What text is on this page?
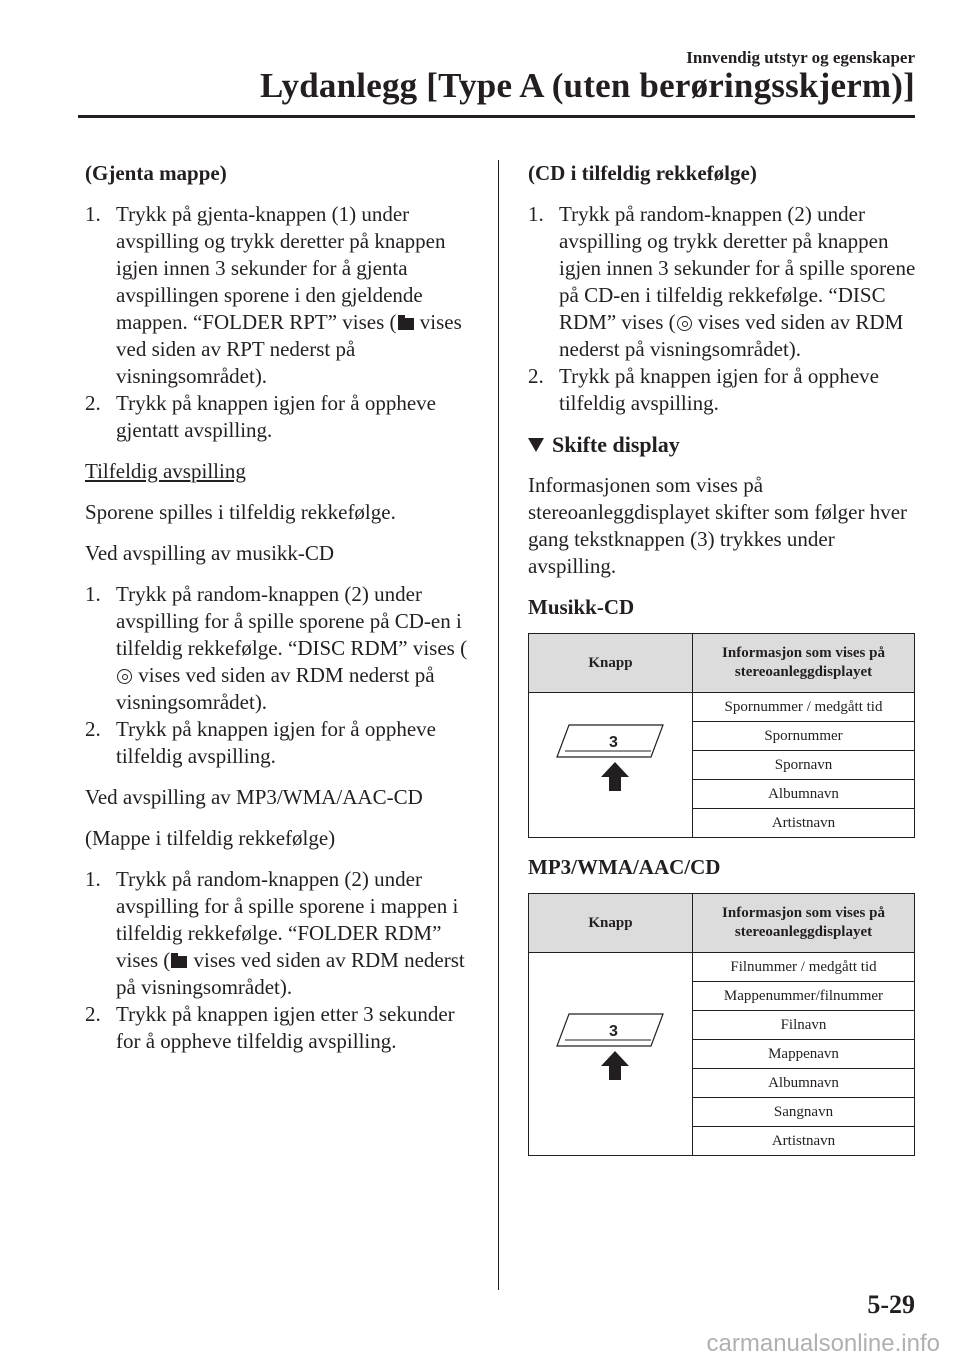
Innvendig utstyr og egenskaper
Lydanlegg [Type A (uten berøringsskjerm)]
(Gjenta mappe)
1. Trykk på gjenta-knappen (1) under avspilling og trykk deretter på knappen igjen innen 3 sekunder for å gjenta avspillingen sporene i den gjeldende mappen. “FOLDER RPT” vises ( vises ved siden av RPT nederst på visningsområdet).
2. Trykk på knappen igjen for å oppheve gjentatt avspilling.
Tilfeldig avspilling
Sporene spilles i tilfeldig rekkefølge.
Ved avspilling av musikk-CD
1. Trykk på random-knappen (2) under avspilling for å spille sporene på CD-en i tilfeldig rekkefølge. “DISC RDM” vises ( vises ved siden av RDM nederst på visningsområdet).
2. Trykk på knappen igjen for å oppheve tilfeldig avspilling.
Ved avspilling av MP3/WMA/AAC-CD
(Mappe i tilfeldig rekkefølge)
1. Trykk på random-knappen (2) under avspilling for å spille sporene i mappen i tilfeldig rekkefølge. “FOLDER RDM” vises ( vises ved siden av RDM nederst på visningsområdet).
2. Trykk på knappen igjen etter 3 sekunder for å oppheve tilfeldig avspilling.
(CD i tilfeldig rekkefølge)
1. Trykk på random-knappen (2) under avspilling og trykk deretter på knappen igjen innen 3 sekunder for å spille sporene på CD-en i tilfeldig rekkefølge. “DISC RDM” vises ( vises ved siden av RDM nederst på visningsområdet).
2. Trykk på knappen igjen for å oppheve tilfeldig avspilling.
Skifte display
Informasjonen som vises på stereoanleggdisplayet skifter som følger hver gang tekstknappen (3) trykkes under avspilling.
Musikk-CD
Knapp	Informasjon som vises på stereoanleggdisplayet

3	Spornummer / medgått tid
	Spornummer
	Spornavn
	Albumnavn
	Artistnavn
MP3/WMA/AAC/CD
Knapp	Informasjon som vises på stereoanleggdisplayet

3	Filnummer / medgått tid
	Mappenummer/filnummer
	Filnavn
	Mappenavn
	Albumnavn
	Sangnavn
	Artistnavn
5-29
carmanualsonline.info
